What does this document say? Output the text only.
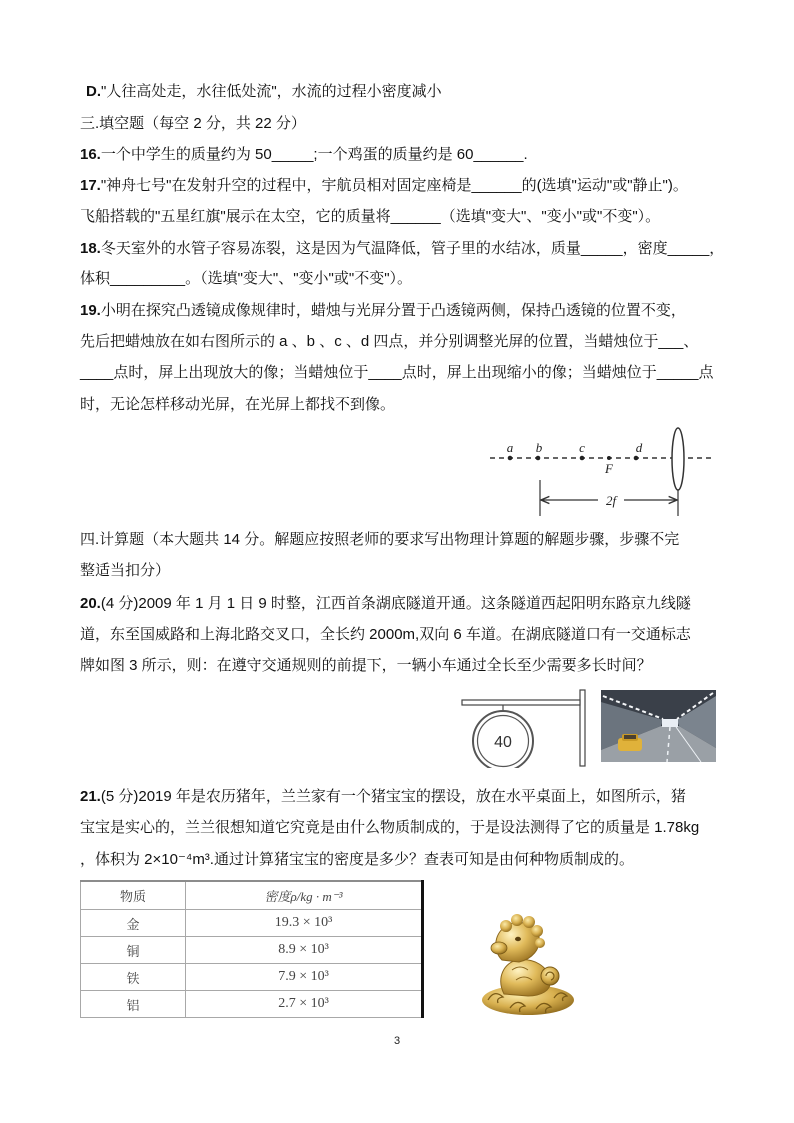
D."人往高处走，水往低处流"，水流的过程小密度减小
三.填空题（每空 2 分，共 22 分）
16.一个中学生的质量约为 50_____;一个鸡蛋的质量约是 60______.
17."神舟七号"在发射升空的过程中，宇航员相对固定座椅是______的(选填"运动"或"静止")。
飞船搭载的"五星红旗"展示在太空，它的质量将______（选填"变大"、"变小"或"不变"）。
18.冬天室外的水管子容易冻裂，这是因为气温降低，管子里的水结冰，质量_____，密度_____，
体积_________。（选填"变大"、"变小"或"不变"）。
19.小明在探究凸透镜成像规律时，蜡烛与光屏分置于凸透镜两侧，保持凸透镜的位置不变，
先后把蜡烛放在如右图所示的 a 、b 、c 、d 四点，并分别调整光屏的位置，当蜡烛位于___、
____点时，屏上出现放大的像；当蜡烛位于____点时，屏上出现缩小的像；当蜡烛位于_____点
时，无论怎样移动光屏，在光屏上都找不到像。
a b	c	d
F
2f
四.计算题（本大题共 14 分。解题应按照老师的要求写出物理计算题的解题步骤，步骤不完
整适当扣分）
20.(4 分)2009 年 1 月 1 日 9 时整，江西首条湖底隧道开通。这条隧道西起阳明东路京九线隧
道，东至国威路和上海北路交叉口，全长约 2000m,双向 6 车道。在湖底隧道口有一交通标志
牌如图 3 所示，则：在遵守交通规则的前提下，一辆小车通过全长至少需要多长时间？
40
21.(5 分)2019 年是农历猪年，兰兰家有一个猪宝宝的摆设，放在水平桌面上，如图所示，猪
宝宝是实心的，兰兰很想知道它究竟是由什么物质制成的，于是设法测得了它的质量是 1.78kg
，体积为 2×10⁻⁴m³.通过计算猪宝宝的密度是多少？查表可知是由何种物质制成的。
物质	密度ρ/kg · m⁻³
金	19.3 × 10³
铜	8.9 × 10³
铁	7.9 × 10³
铝	2.7 × 10³
3
